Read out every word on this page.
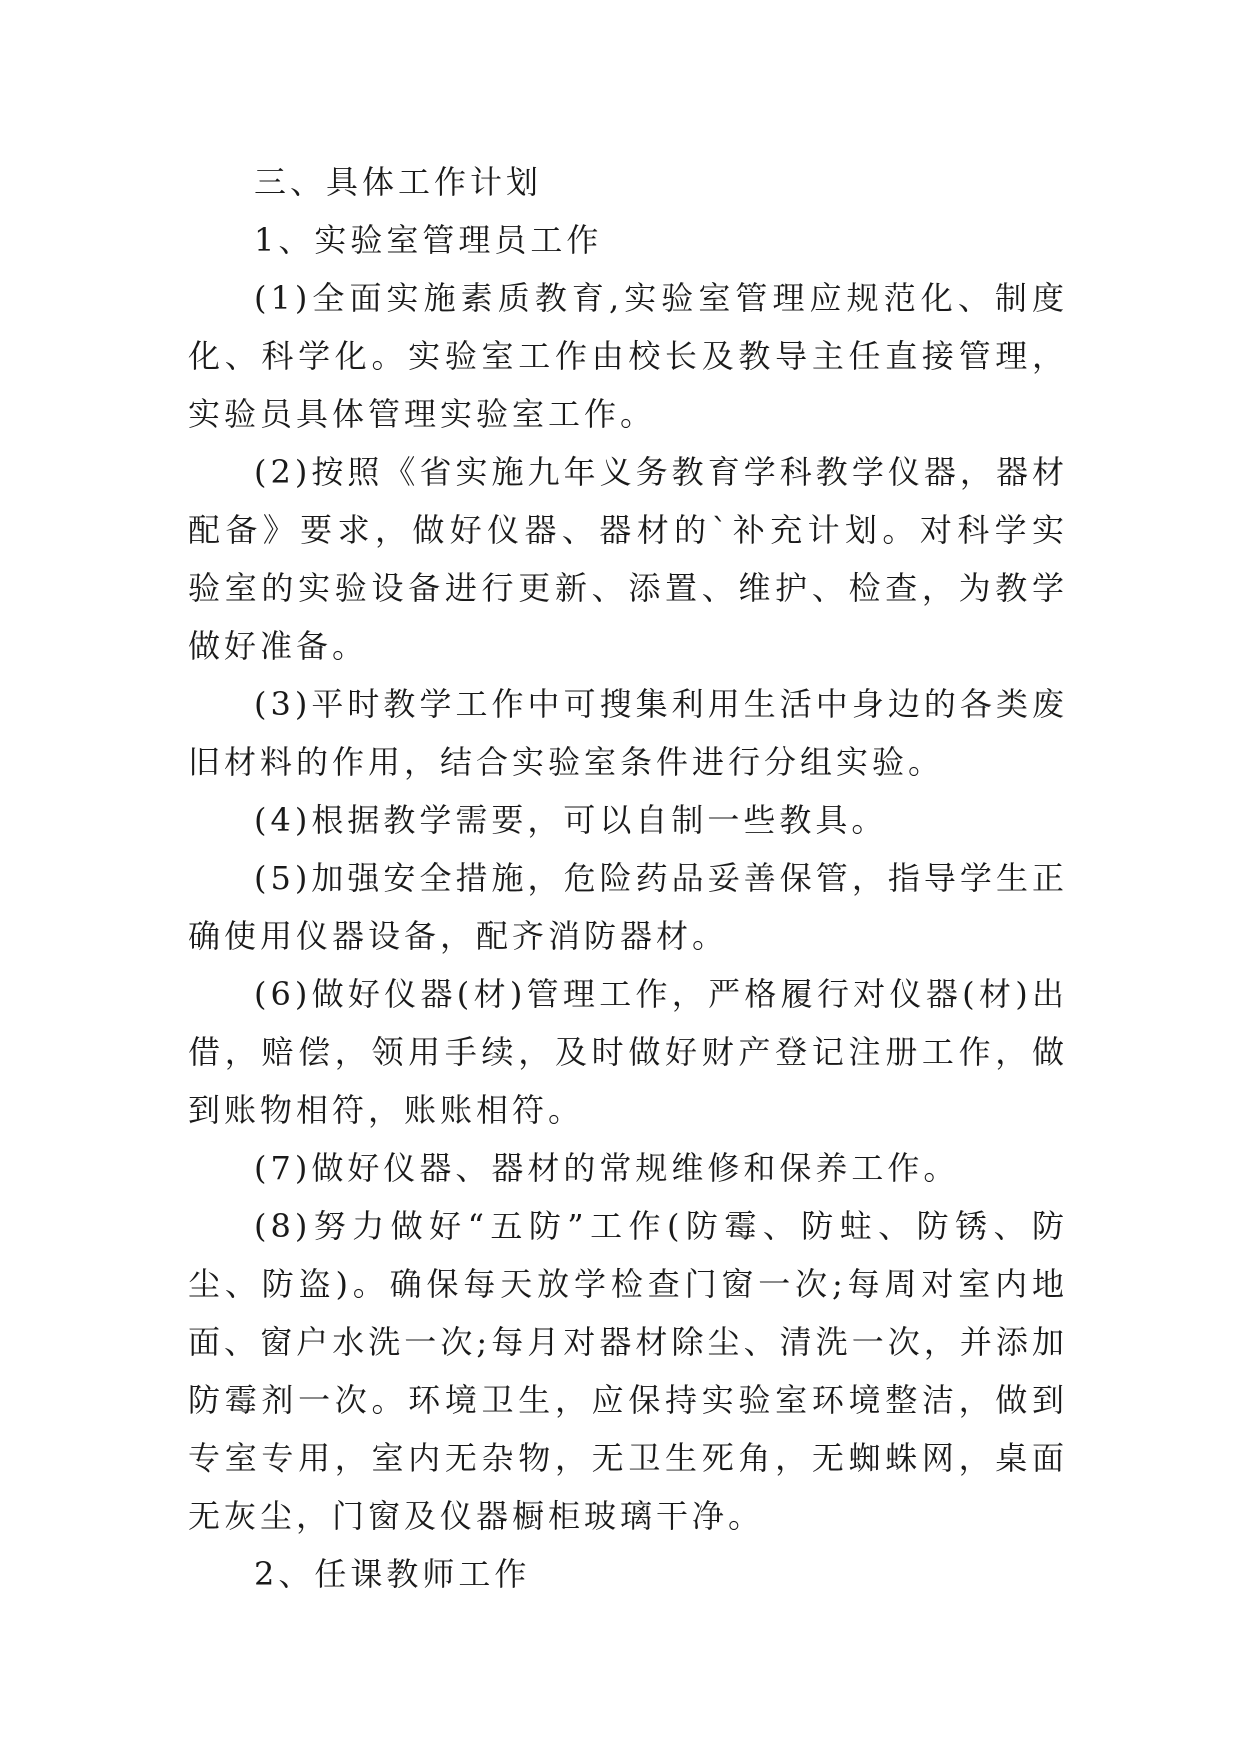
三、具体工作计划

1、实验室管理员工作

(1)全面实施素质教育,实验室管理应规范化、制度化、科学化。实验室工作由校长及教导主任直接管理，实验员具体管理实验室工作。

(2)按照《省实施九年义务教育学科教学仪器，器材配备》要求，做好仪器、器材的`补充计划。对科学实验室的实验设备进行更新、添置、维护、检查，为教学做好准备。

(3)平时教学工作中可搜集利用生活中身边的各类废旧材料的作用，结合实验室条件进行分组实验。

(4)根据教学需要，可以自制一些教具。

(5)加强安全措施，危险药品妥善保管，指导学生正确使用仪器设备，配齐消防器材。

(6)做好仪器(材)管理工作，严格履行对仪器(材)出借，赔偿，领用手续，及时做好财产登记注册工作，做到账物相符，账账相符。

(7)做好仪器、器材的常规维修和保养工作。

(8)努力做好“五防”工作(防霉、防蛀、防锈、防尘、防盗)。确保每天放学检查门窗一次;每周对室内地面、窗户水洗一次;每月对器材除尘、清洗一次，并添加防霉剂一次。环境卫生，应保持实验室环境整洁，做到专室专用，室内无杂物，无卫生死角，无蜘蛛网，桌面无灰尘，门窗及仪器橱柜玻璃干净。

2、任课教师工作
